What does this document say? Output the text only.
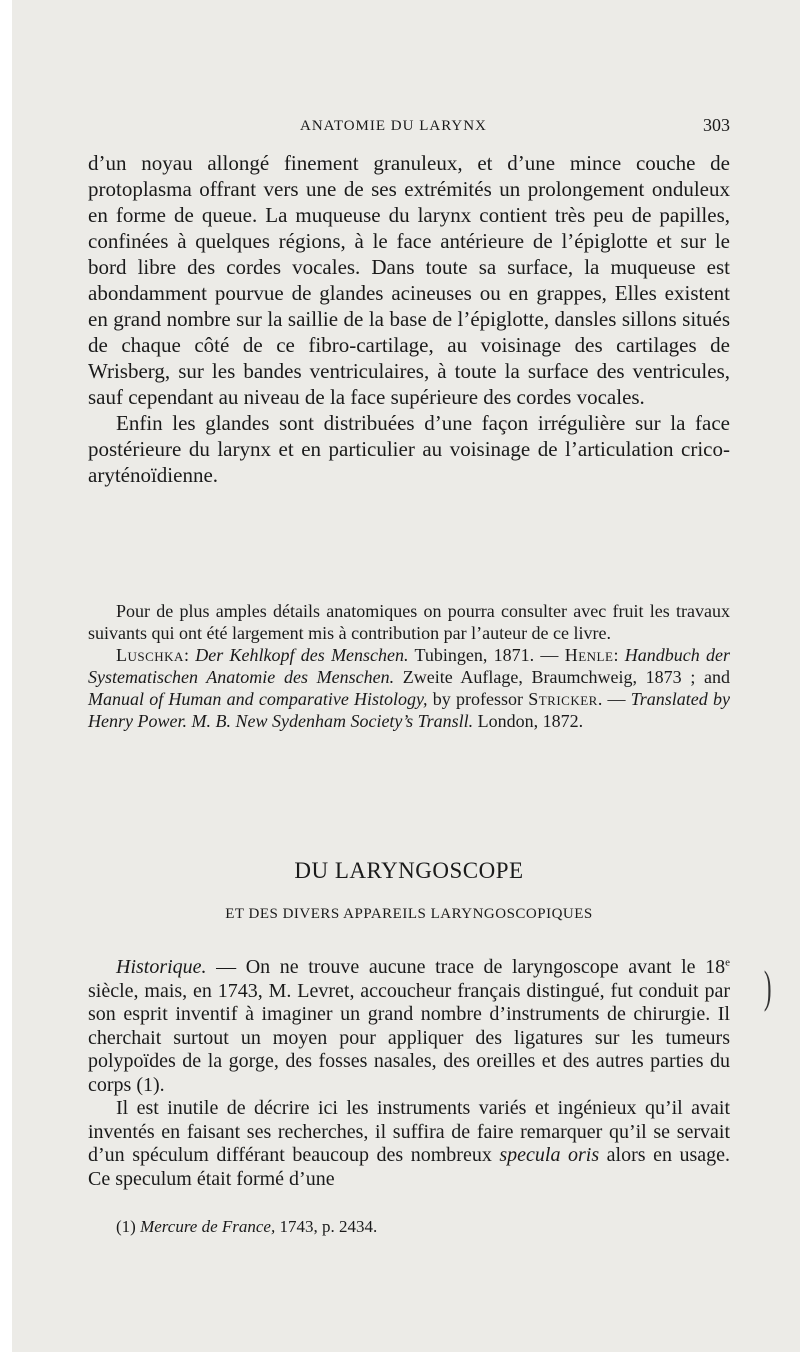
ANATOMIE DU LARYNX	303

d’un noyau allongé finement granuleux, et d’une mince couche de protoplasma offrant vers une de ses extrémités un prolongement onduleux en forme de queue. La muqueuse du larynx contient très peu de papilles, confinées à quelques régions, à le face antérieure de l’épiglotte et sur le bord libre des cordes vocales. Dans toute sa surface, la muqueuse est abondamment pourvue de glandes acineuses ou en grappes, Elles existent en grand nombre sur la saillie de la base de l’épiglotte, dansles sillons situés de chaque côté de ce fibro-cartilage, au voisinage des cartilages de Wrisberg, sur les bandes ventriculaires, à toute la surface des ventricules, sauf cependant au niveau de la face supérieure des cordes vocales.

Enfin les glandes sont distribuées d’une façon irrégulière sur la face postérieure du larynx et en particulier au voisinage de l’articulation crico-aryténoïdienne.

Pour de plus amples détails anatomiques on pourra consulter avec fruit les travaux suivants qui ont été largement mis à contribution par l’auteur de ce livre.

Luschka: Der Kehlkopf des Menschen. Tubingen, 1871. — Henle: Handbuch der Systematischen Anatomie des Menschen. Zweite Auflage, Braumchweig, 1873 ; and Manual of Human and comparative Histology, by professor Stricker. — Translated by Henry Power. M. B. New Sydenham Society’s Transll. London, 1872.

DU LARYNGOSCOPE
ET DES DIVERS APPAREILS LARYNGOSCOPIQUES

Historique. — On ne trouve aucune trace de laryngoscope avant le 18e siècle, mais, en 1743, M. Levret, accoucheur français distingué, fut conduit par son esprit inventif à imaginer un grand nombre d’instruments de chirurgie. Il cherchait surtout un moyen pour appliquer des ligatures sur les tumeurs polypoïdes de la gorge, des fosses nasales, des oreilles et des autres parties du corps (1).

Il est inutile de décrire ici les instruments variés et ingénieux qu’il avait inventés en faisant ses recherches, il suffira de faire remarquer qu’il se servait d’un spéculum différant beaucoup des nombreux specula oris alors en usage. Ce speculum était formé d’une

(1) Mercure de France, 1743, p. 2434.
)
